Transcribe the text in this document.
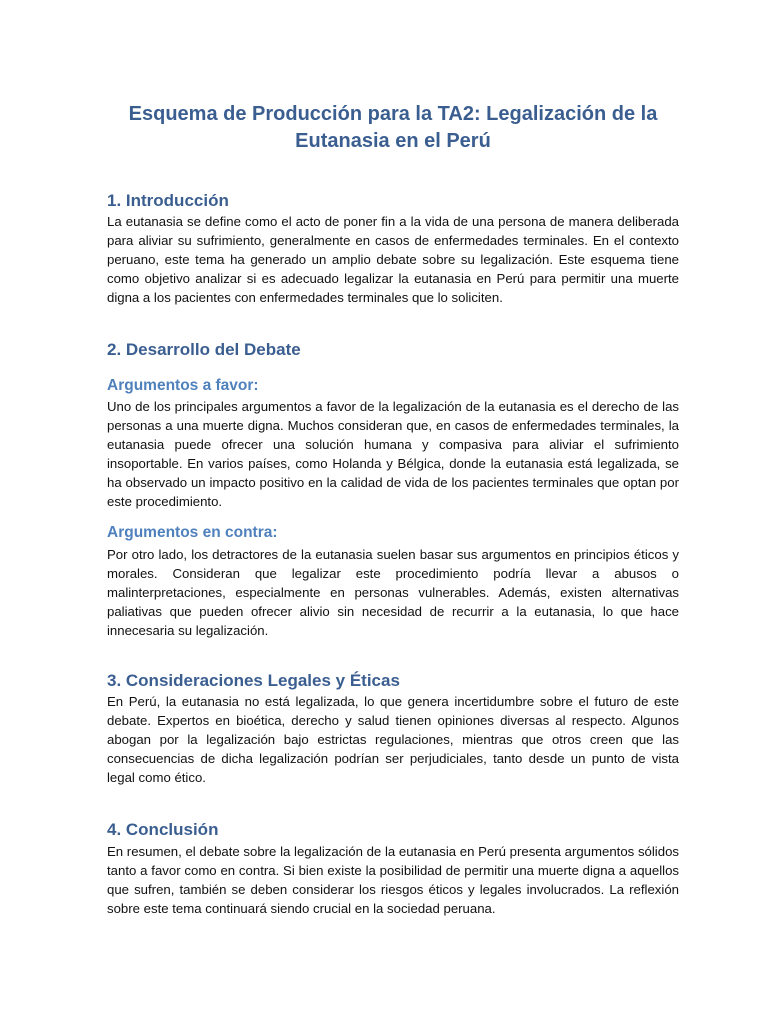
Esquema de Producción para la TA2: Legalización de la Eutanasia en el Perú
1. Introducción

La eutanasia se define como el acto de poner fin a la vida de una persona de manera deliberada para aliviar su sufrimiento, generalmente en casos de enfermedades terminales. En el contexto peruano, este tema ha generado un amplio debate sobre su legalización. Este esquema tiene como objetivo analizar si es adecuado legalizar la eutanasia en Perú para permitir una muerte digna a los pacientes con enfermedades terminales que lo soliciten.

2. Desarrollo del Debate
Argumentos a favor:

Uno de los principales argumentos a favor de la legalización de la eutanasia es el derecho de las personas a una muerte digna. Muchos consideran que, en casos de enfermedades terminales, la eutanasia puede ofrecer una solución humana y compasiva para aliviar el sufrimiento insoportable. En varios países, como Holanda y Bélgica, donde la eutanasia está legalizada, se ha observado un impacto positivo en la calidad de vida de los pacientes terminales que optan por este procedimiento.

Argumentos en contra:

Por otro lado, los detractores de la eutanasia suelen basar sus argumentos en principios éticos y morales. Consideran que legalizar este procedimiento podría llevar a abusos o malinterpretaciones, especialmente en personas vulnerables. Además, existen alternativas paliativas que pueden ofrecer alivio sin necesidad de recurrir a la eutanasia, lo que hace innecesaria su legalización.

3. Consideraciones Legales y Éticas

En Perú, la eutanasia no está legalizada, lo que genera incertidumbre sobre el futuro de este debate. Expertos en bioética, derecho y salud tienen opiniones diversas al respecto. Algunos abogan por la legalización bajo estrictas regulaciones, mientras que otros creen que las consecuencias de dicha legalización podrían ser perjudiciales, tanto desde un punto de vista legal como ético.

4. Conclusión

En resumen, el debate sobre la legalización de la eutanasia en Perú presenta argumentos sólidos tanto a favor como en contra. Si bien existe la posibilidad de permitir una muerte digna a aquellos que sufren, también se deben considerar los riesgos éticos y legales involucrados. La reflexión sobre este tema continuará siendo crucial en la sociedad peruana.
